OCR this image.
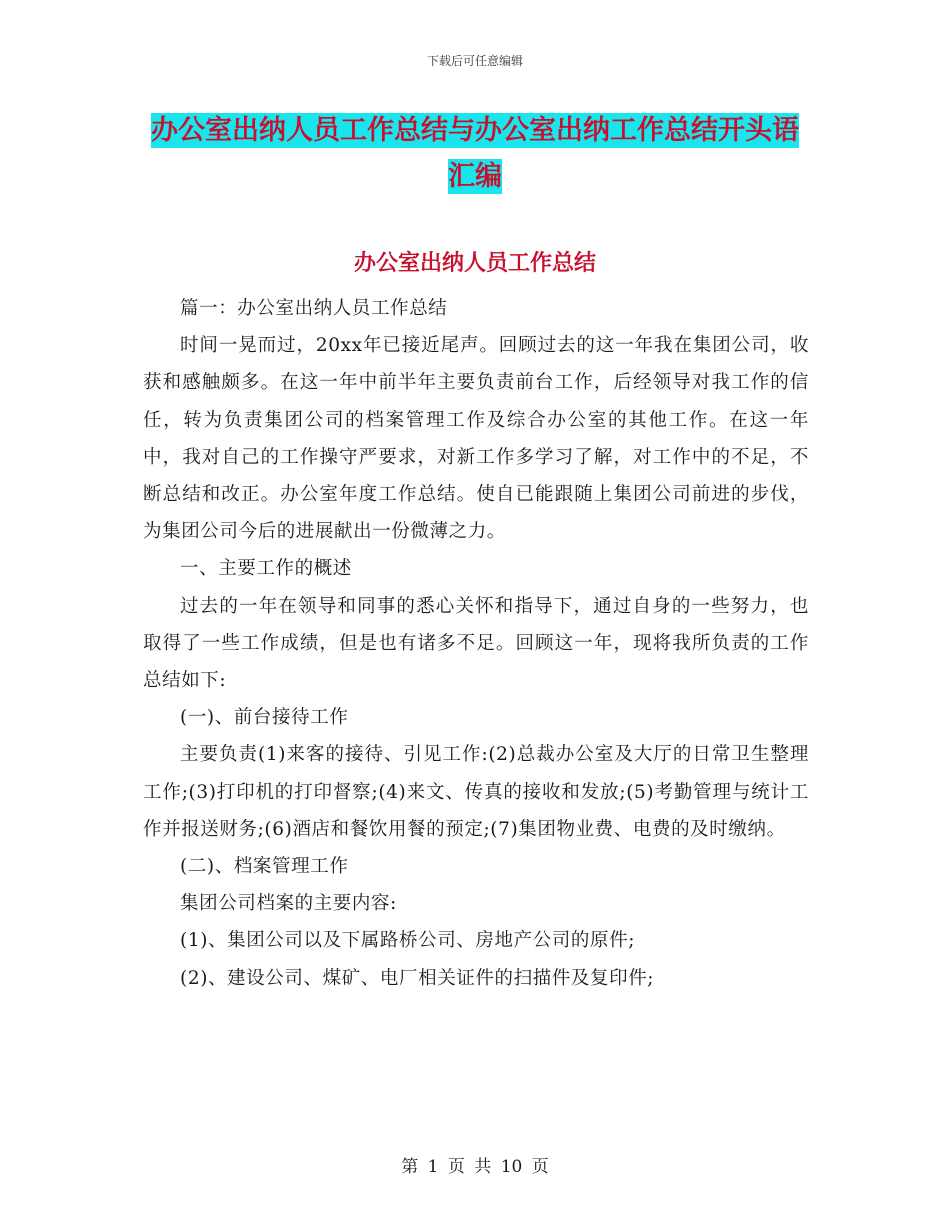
下载后可任意编辑
办公室出纳人员工作总结与办公室出纳工作总结开头语汇编
办公室出纳人员工作总结

篇一：办公室出纳人员工作总结

时间一晃而过，20xx年已接近尾声。回顾过去的这一年我在集团公司，收获和感触颇多。在这一年中前半年主要负责前台工作，后经领导对我工作的信任，转为负责集团公司的档案管理工作及综合办公室的其他工作。在这一年中，我对自己的工作操守严要求，对新工作多学习了解，对工作中的不足，不断总结和改正。办公室年度工作总结。使自已能跟随上集团公司前进的步伐，为集团公司今后的进展献出一份微薄之力。

一、主要工作的概述

过去的一年在领导和同事的悉心关怀和指导下，通过自身的一些努力，也取得了一些工作成绩，但是也有诸多不足。回顾这一年，现将我所负责的工作总结如下:

(一)、前台接待工作

主要负责(1)来客的接待、引见工作:(2)总裁办公室及大厅的日常卫生整理工作;(3)打印机的打印督察;(4)来文、传真的接收和发放;(5)考勤管理与统计工作并报送财务;(6)酒店和餐饮用餐的预定;(7)集团物业费、电费的及时缴纳。

(二)、档案管理工作

集团公司档案的主要内容:

(1)、集团公司以及下属路桥公司、房地产公司的原件;

(2)、建设公司、煤矿、电厂相关证件的扫描件及复印件;

第 1 页 共 10 页
